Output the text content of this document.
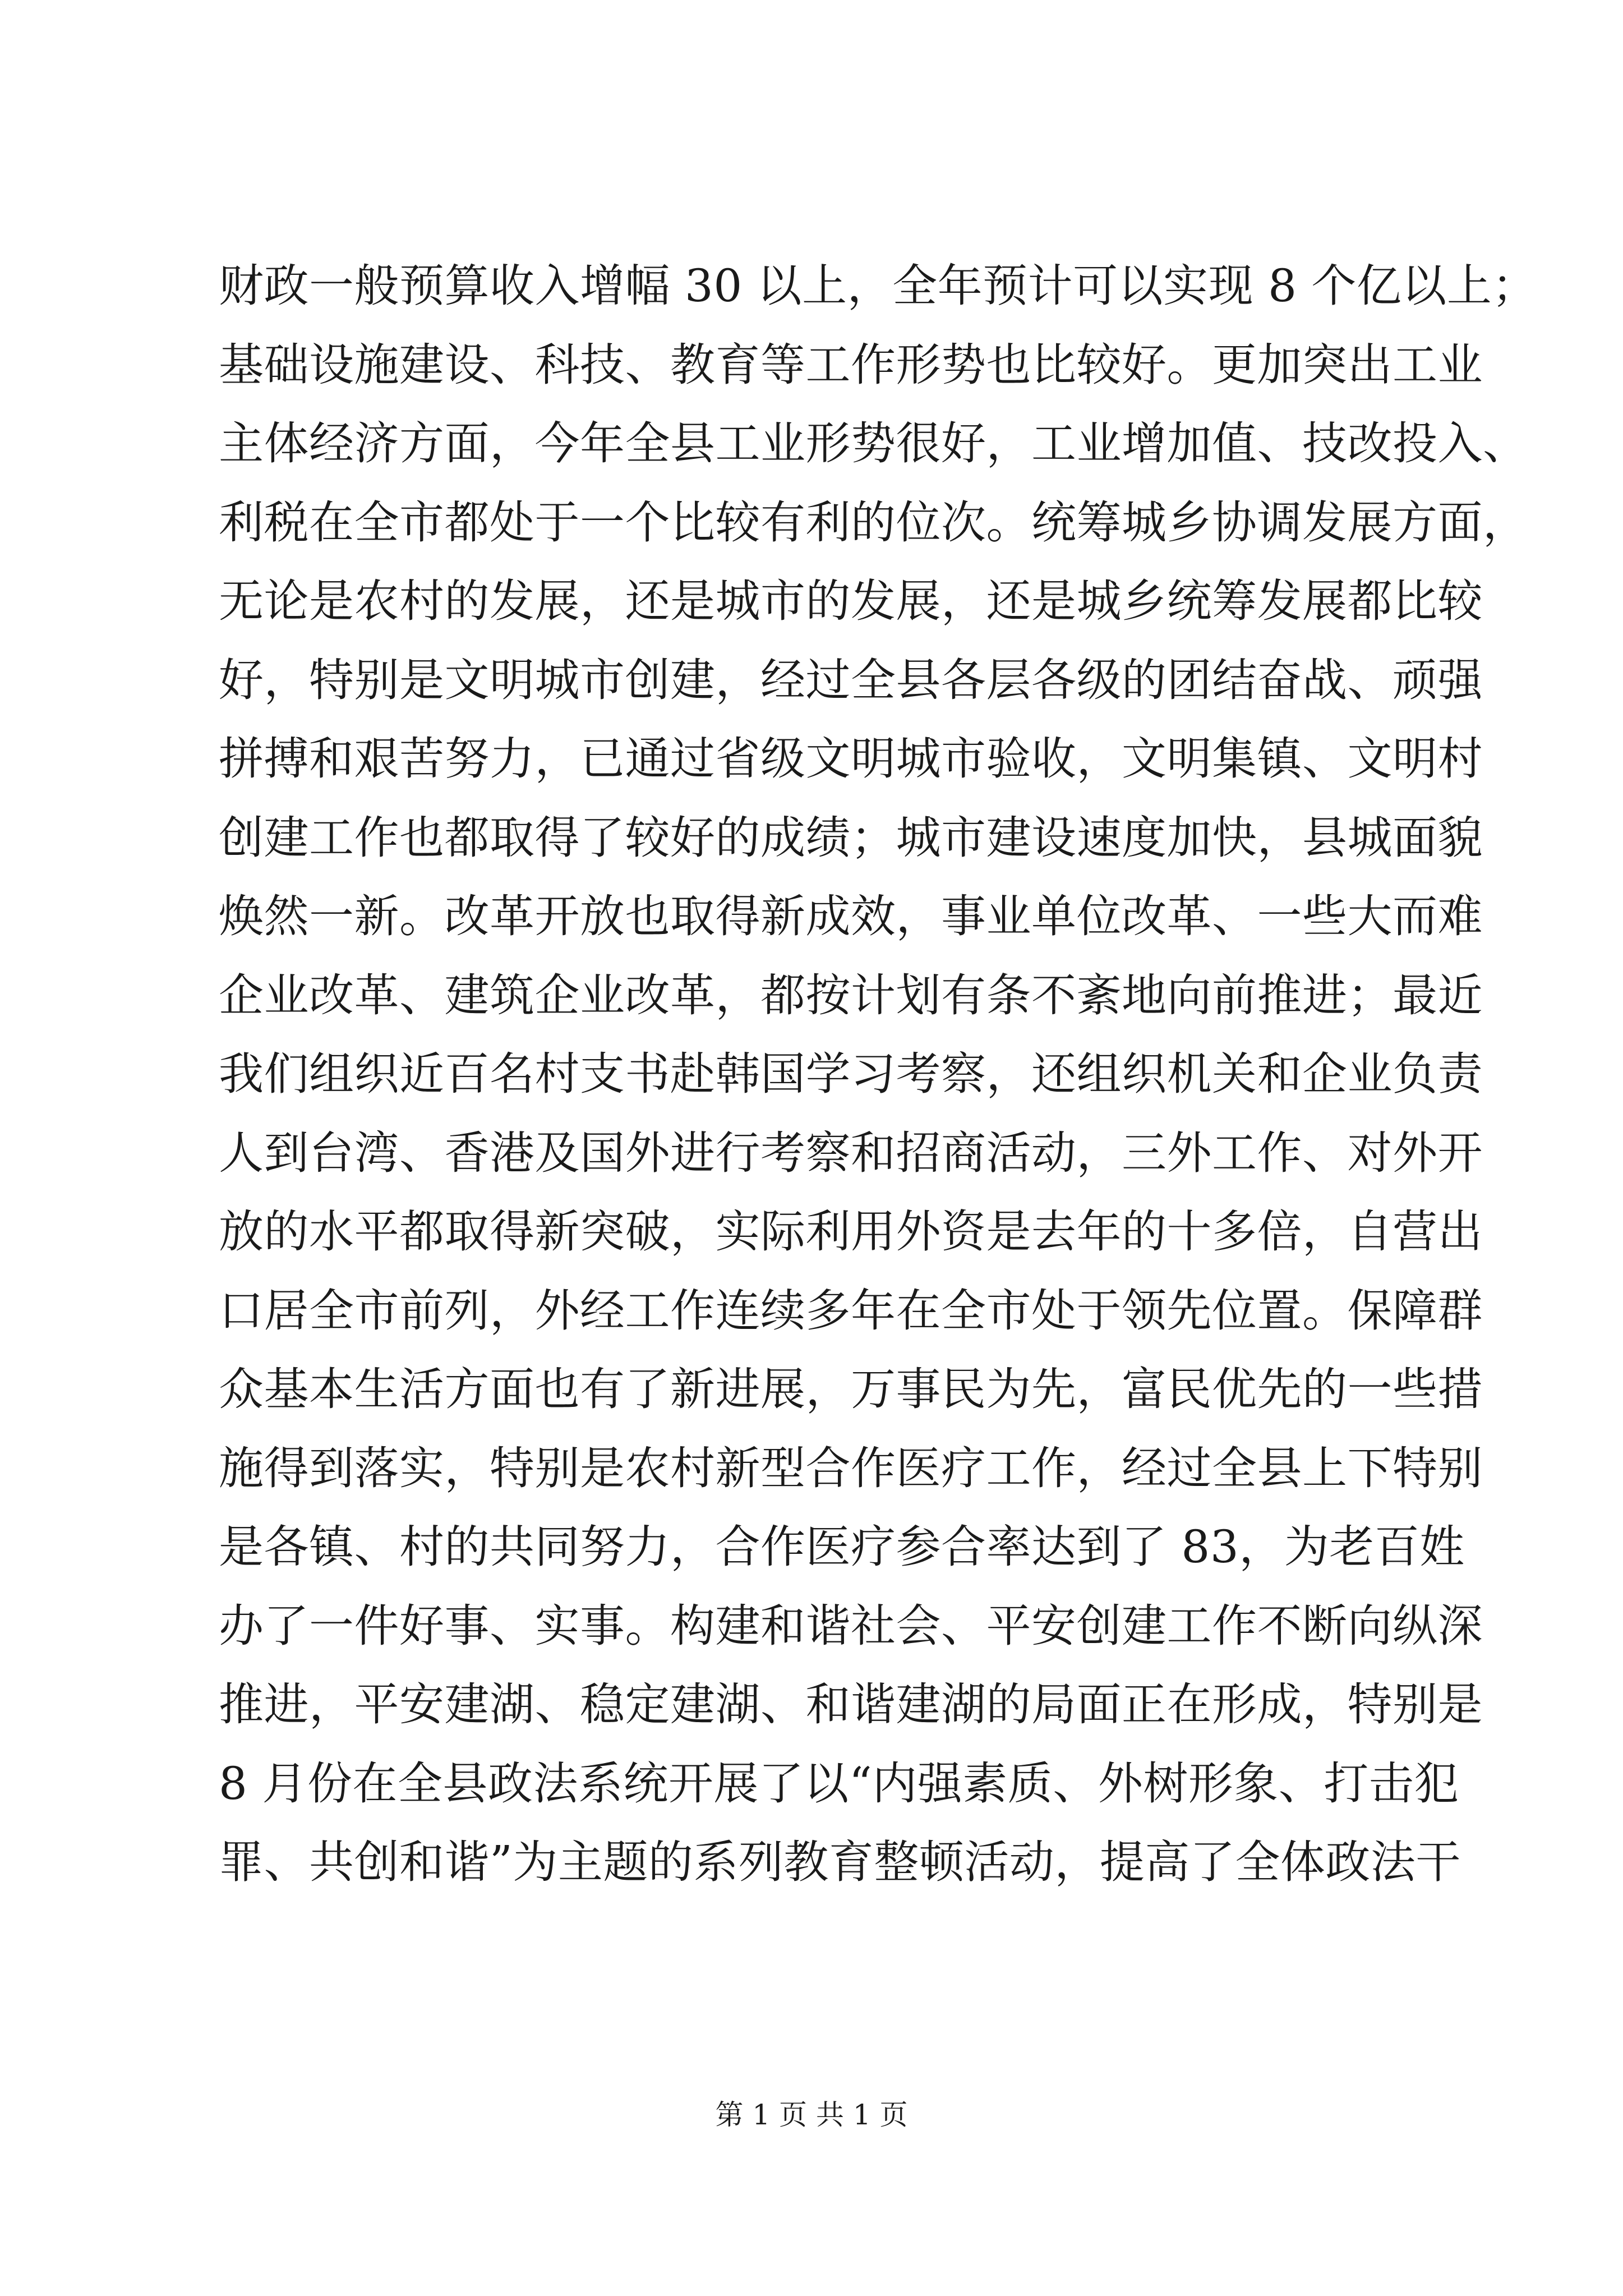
财政一般预算收入增幅 30 以上，全年预计可以实现 8 个亿以上；
基础设施建设、科技、教育等工作形势也比较好。更加突出工业
主体经济方面，今年全县工业形势很好，工业增加值、技改投入、
利税在全市都处于一个比较有利的位次。统筹城乡协调发展方面，
无论是农村的发展，还是城市的发展，还是城乡统筹发展都比较
好，特别是文明城市创建，经过全县各层各级的团结奋战、顽强
拼搏和艰苦努力，已通过省级文明城市验收，文明集镇、文明村
创建工作也都取得了较好的成绩；城市建设速度加快，县城面貌
焕然一新。改革开放也取得新成效，事业单位改革、一些大而难
企业改革、建筑企业改革，都按计划有条不紊地向前推进；最近
我们组织近百名村支书赴韩国学习考察，还组织机关和企业负责
人到台湾、香港及国外进行考察和招商活动，三外工作、对外开
放的水平都取得新突破，实际利用外资是去年的十多倍，自营出
口居全市前列，外经工作连续多年在全市处于领先位置。保障群
众基本生活方面也有了新进展，万事民为先，富民优先的一些措
施得到落实，特别是农村新型合作医疗工作，经过全县上下特别
是各镇、村的共同努力，合作医疗参合率达到了 83，为老百姓
办了一件好事、实事。构建和谐社会、平安创建工作不断向纵深
推进，平安建湖、稳定建湖、和谐建湖的局面正在形成，特别是
8 月份在全县政法系统开展了以“内强素质、外树形象、打击犯
罪、共创和谐”为主题的系列教育整顿活动，提高了全体政法干
第 1 页 共 1 页
